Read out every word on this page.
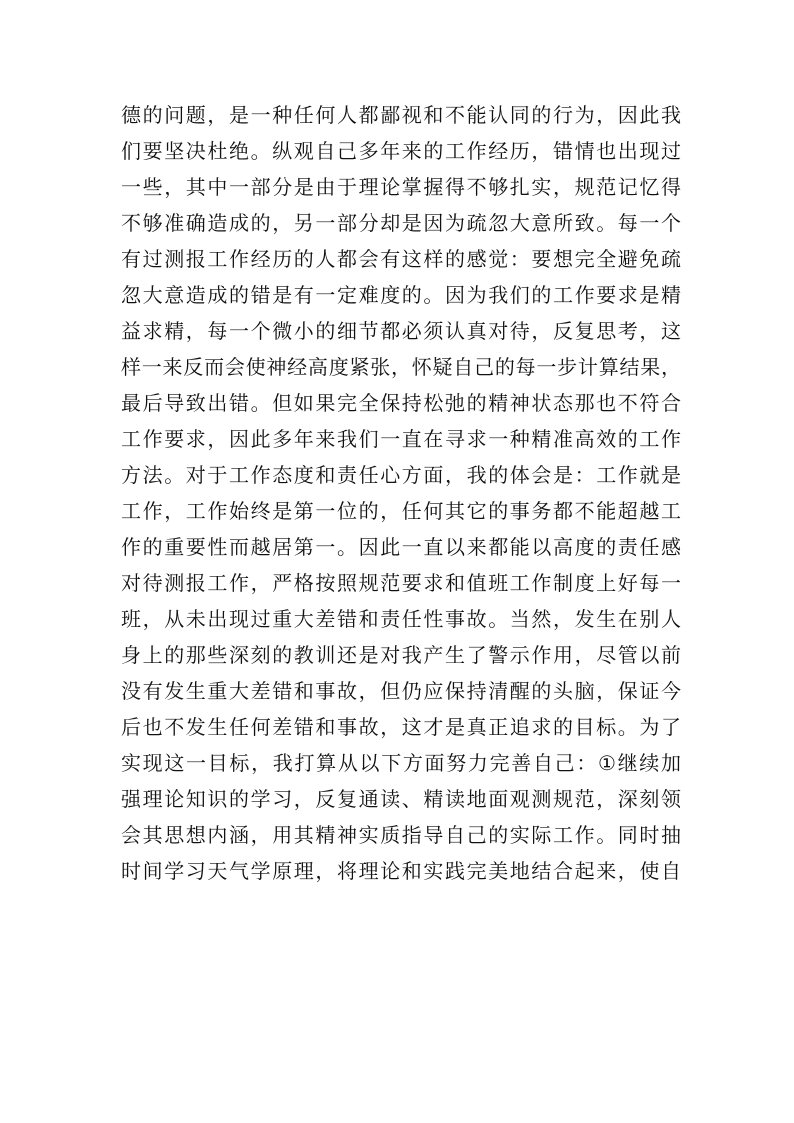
德的问题，是一种任何人都鄙视和不能认同的行为，因此我
们要坚决杜绝。纵观自己多年来的工作经历，错情也出现过
一些，其中一部分是由于理论掌握得不够扎实，规范记忆得
不够准确造成的，另一部分却是因为疏忽大意所致。每一个
有过测报工作经历的人都会有这样的感觉：要想完全避免疏
忽大意造成的错是有一定难度的。因为我们的工作要求是精
益求精，每一个微小的细节都必须认真对待，反复思考，这
样一来反而会使神经高度紧张，怀疑自己的每一步计算结果，
最后导致出错。但如果完全保持松弛的精神状态那也不符合
工作要求，因此多年来我们一直在寻求一种精准高效的工作
方法。对于工作态度和责任心方面，我的体会是：工作就是
工作，工作始终是第一位的，任何其它的事务都不能超越工
作的重要性而越居第一。因此一直以来都能以高度的责任感
对待测报工作，严格按照规范要求和值班工作制度上好每一
班，从未出现过重大差错和责任性事故。当然，发生在别人
身上的那些深刻的教训还是对我产生了警示作用，尽管以前
没有发生重大差错和事故，但仍应保持清醒的头脑，保证今
后也不发生任何差错和事故，这才是真正追求的目标。为了
实现这一目标，我打算从以下方面努力完善自己：①继续加
强理论知识的学习，反复通读、精读地面观测规范，深刻领
会其思想内涵，用其精神实质指导自己的实际工作。同时抽
时间学习天气学原理，将理论和实践完美地结合起来，使自
